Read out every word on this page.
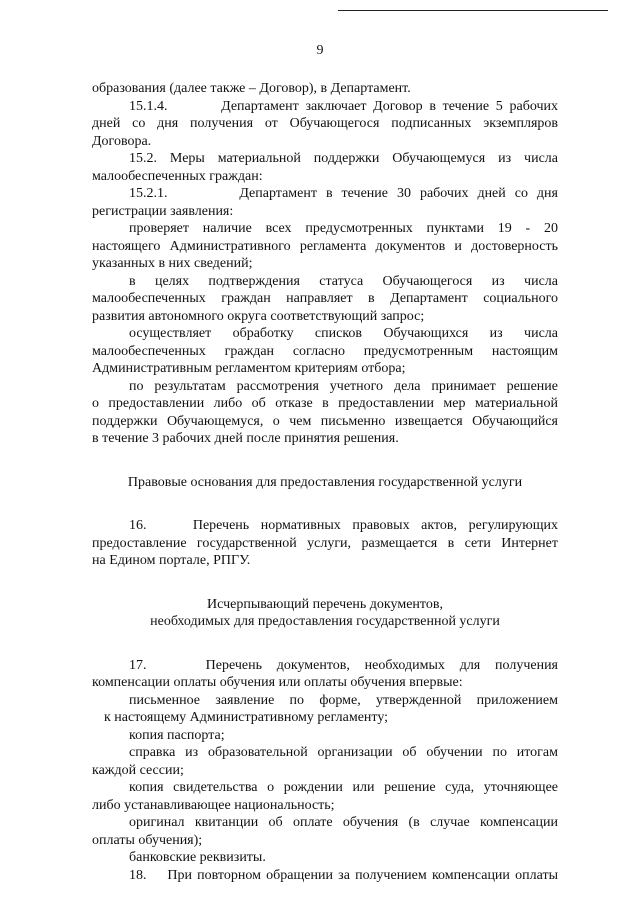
9
образования (далее также – Договор), в Департамент.
15.1.4.        Департамент заключает Договор в течение 5 рабочих
дней со дня получения от Обучающегося подписанных экземпляров
Договора.
15.2. Меры материальной поддержки Обучающемуся из числа
малообеспеченных граждан:
15.2.1.        Департамент в течение 30 рабочих дней со дня
регистрации заявления:
проверяет наличие всех предусмотренных пунктами 19 - 20
настоящего Административного регламента документов и достоверность
указанных в них сведений;
в целях подтверждения статуса Обучающегося из числа
малообеспеченных граждан направляет в Департамент социального
развития автономного округа соответствующий запрос;
осуществляет обработку списков Обучающихся из числа
малообеспеченных граждан согласно предусмотренным настоящим
Административным регламентом критериям отбора;
по результатам рассмотрения учетного дела принимает решение
о предоставлении либо об отказе в предоставлении мер материальной
поддержки Обучающемуся, о чем письменно извещается Обучающийся
в течение 3 рабочих дней после принятия решения.
Правовые основания для предоставления государственной услуги
16.    Перечень нормативных правовых актов, регулирующих
предоставление государственной услуги, размещается в сети Интернет
на Едином портале, РПГУ.
Исчерпывающий перечень документов,
необходимых для предоставления государственной услуги
17.    Перечень документов, необходимых для получения
компенсации оплаты обучения или оплаты обучения впервые:
письменное заявление по форме, утвержденной приложением
к настоящему Административному регламенту;
копия паспорта;
справка из образовательной организации об обучении по итогам
каждой сессии;
копия свидетельства о рождении или решение суда, уточняющее
либо устанавливающее национальность;
оригинал квитанции об оплате обучения (в случае компенсации
оплаты обучения);
банковские реквизиты.
18.    При повторном обращении за получением компенсации оплаты
